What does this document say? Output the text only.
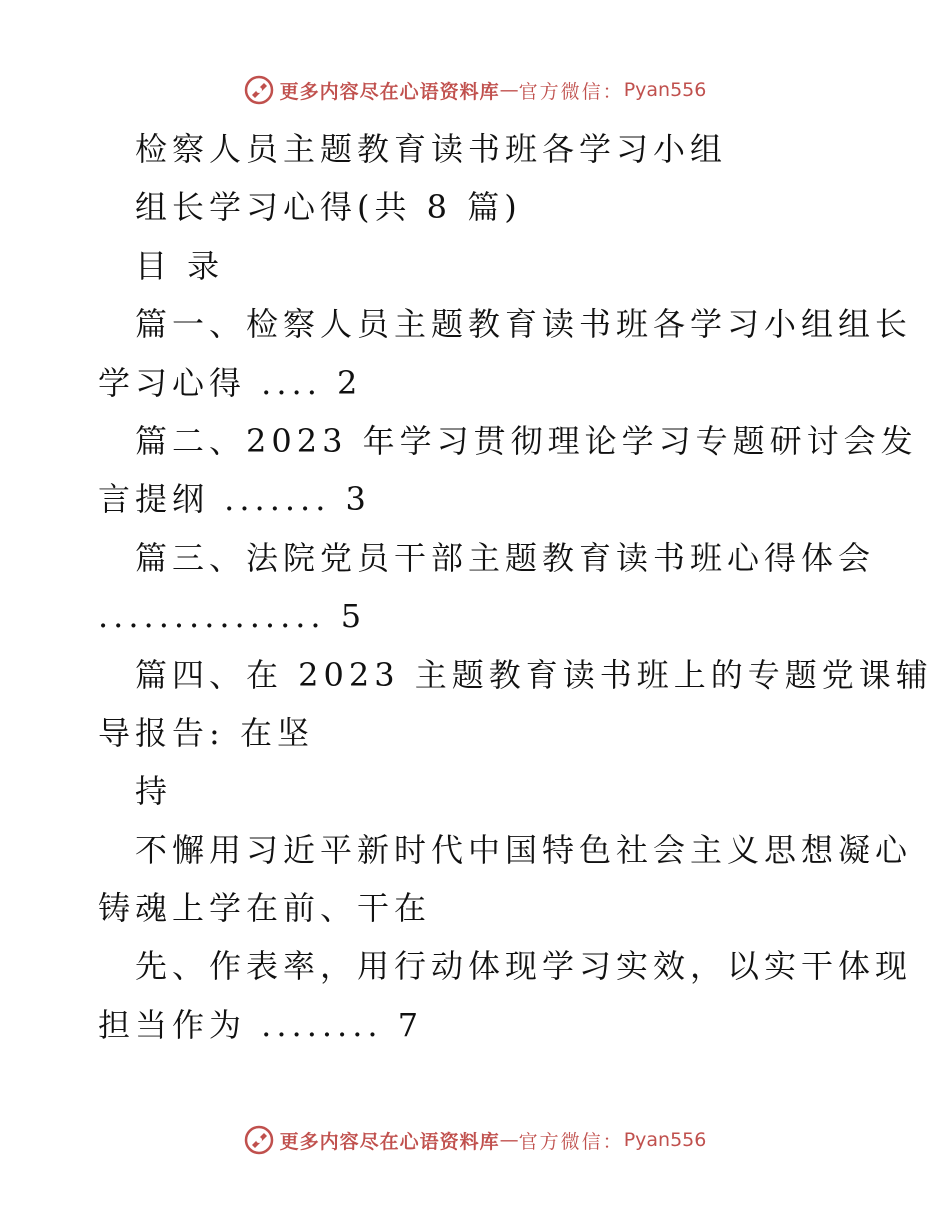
更多内容尽在心语资料库 — 官方微信： Pyan556
检察人员主题教育读书班各学习小组
组长学习心得(共 8 篇)
目 录
篇一、检察人员主题教育读书班各学习小组组长
学习心得 .... 2
篇二、2023 年学习贯彻理论学习专题研讨会发
言提纲 ....... 3
篇三、法院党员干部主题教育读书班心得体会
............... 5
篇四、在 2023 主题教育读书班上的专题党课辅
导报告: 在坚
持
不懈用习近平新时代中国特色社会主义思想凝心
铸魂上学在前、干在
先、作表率，用行动体现学习实效，以实干体现
担当作为 ........ 7
更多内容尽在心语资料库 — 官方微信： Pyan556
